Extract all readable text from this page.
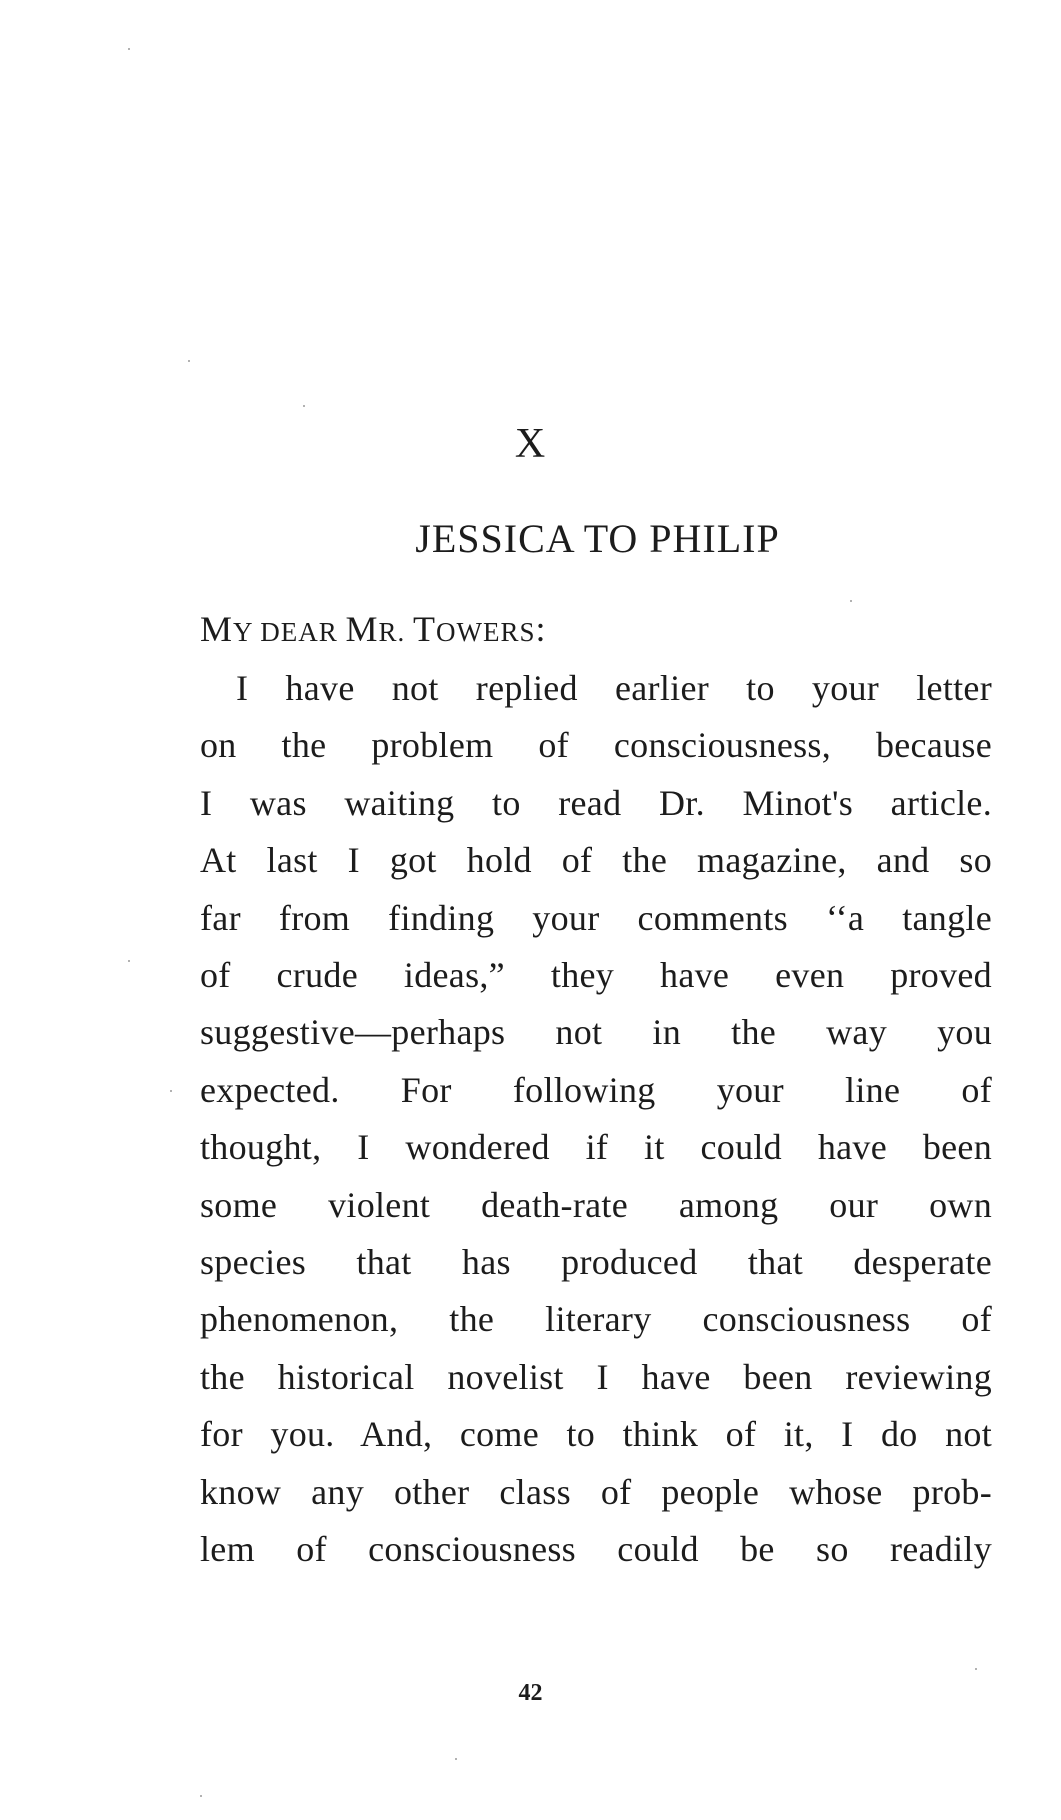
X
JESSICA TO PHILIP

MY DEAR MR. TOWERS:

I have not replied earlier to your letter
on the problem of consciousness, because
I was waiting to read Dr. Minot's article.
At last I got hold of the magazine, and so
far from finding your comments ‘‘a tangle
of crude ideas,” they have even proved
suggestive—perhaps not in the way you
expected. For following your line of
thought, I wondered if it could have been
some violent death-rate among our own
species that has produced that desperate
phenomenon, the literary consciousness of
the historical novelist I have been reviewing
for you. And, come to think of it, I do not
know any other class of people whose prob-
lem of consciousness could be so readily

42
